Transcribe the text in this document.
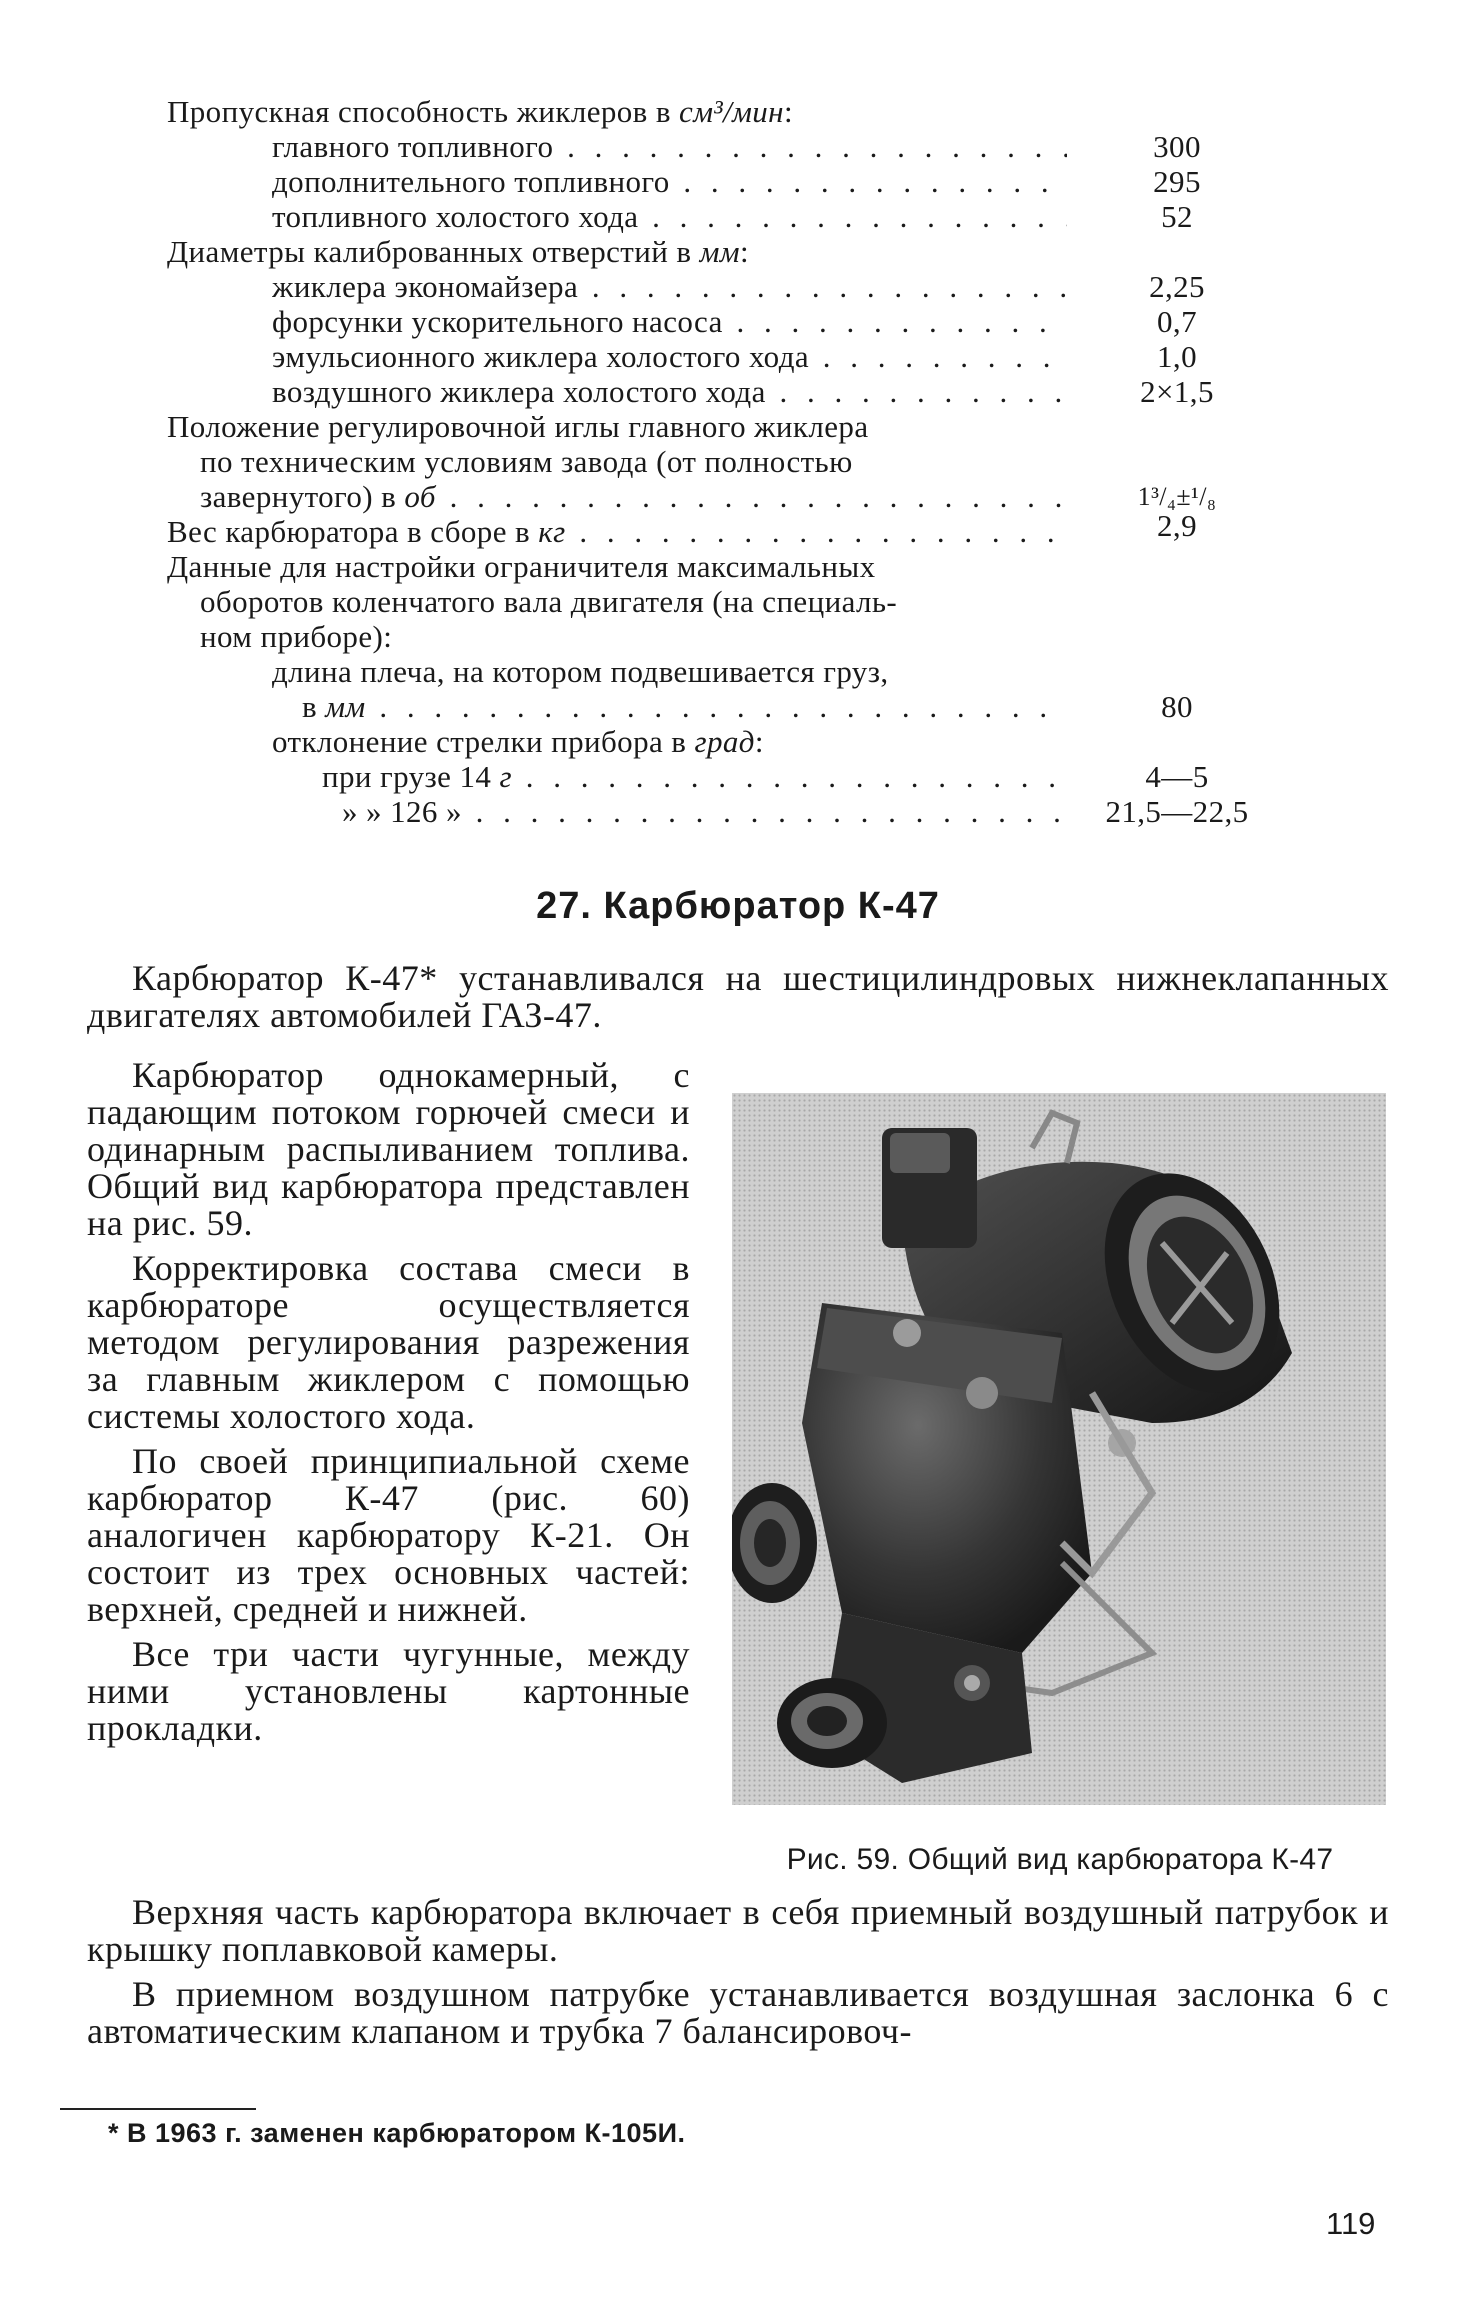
Пропускная способность жиклеров в см³/мин:
главного топливного . . .	300
дополнительного топливного . . .	295
топливного холостого хода . . .	52
Диаметры калиброванных отверстий в мм:
жиклера экономайзера . . .	2,25
форсунки ускорительного насоса . . .	0,7
эмульсионного жиклера холостого хода . . .	1,0
воздушного жиклера холостого хода . . .	2×1,5
Положение регулировочной иглы главного жиклера
по техническим условиям завода (от полностью
завернутого) в об . . .	1³/₄±¹/₈
Вес карбюратора в сборе в кг . . .	2,9
Данные для настройки ограничителя максимальных
оборотов коленчатого вала двигателя (на специаль-
ном приборе):
длина плеча, на котором подвешивается груз,
в мм . . .	80
отклонение стрелки прибора в град:
при грузе 14 г . . .	4—5
» » 126 » . . .	21,5—22,5
27. Карбюратор К-47

Карбюратор К-47* устанавливался на шестицилиндровых нижнеклапанных двигателях автомобилей ГАЗ-47.

Карбюратор однокамерный, с падающим потоком горючей смеси и одинарным распыливанием топлива. Общий вид карбюратора представлен на рис. 59.

Корректировка состава смеси в карбюраторе осуществляется методом регулирования разрежения за главным жиклером с помощью системы холостого хода.

По своей принципиальной схеме карбюратор К-47 (рис. 60) аналогичен карбюратору К-21. Он состоит из трех основных частей: верхней, средней и нижней.

Все три части чугунные, между ними установлены картонные прокладки.

Рис. 59. Общий вид карбюратора К-47

Верхняя часть карбюратора включает в себя приемный воздушный патрубок и крышку поплавковой камеры.

В приемном воздушном патрубке устанавливается воздушная заслонка 6 с автоматическим клапаном и трубка 7 балансировоч-

* В 1963 г. заменен карбюратором К-105И.
119
